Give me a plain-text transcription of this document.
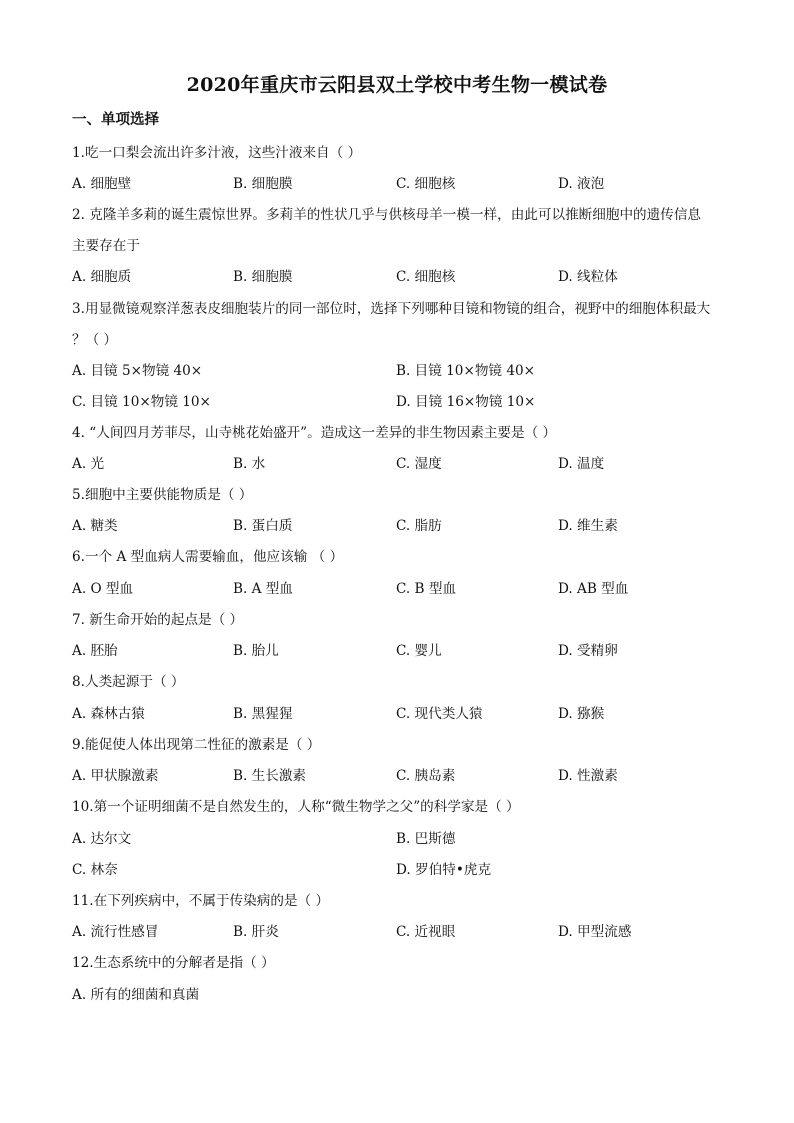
2020年重庆市云阳县双土学校中考生物一模试卷
一、单项选择
1.吃一口梨会流出许多汁液，这些汁液来自（ ）
A. 细胞壁	B. 细胞膜	C. 细胞核	D. 液泡
2. 克隆羊多莉的诞生震惊世界。多莉羊的性状几乎与供核母羊一模一样，由此可以推断细胞中的遗传信息
主要存在于
A. 细胞质	B. 细胞膜	C. 细胞核	D. 线粒体
3.用显微镜观察洋葱表皮细胞装片的同一部位时，选择下列哪种目镜和物镜的组合，视野中的细胞体积最大
？（ ）
A. 目镜 5×物镜 40×	B. 目镜 10×物镜 40×
C. 目镜 10×物镜 10×	D. 目镜 16×物镜 10×
4. “人间四月芳菲尽，山寺桃花始盛开”。造成这一差异的非生物因素主要是（ ）
A. 光	B. 水	C. 湿度	D. 温度
5.细胞中主要供能物质是（ ）
A. 糖类	B. 蛋白质	C. 脂肪	D. 维生素
6.一个 A 型血病人需要输血，他应该输 （ ）
A. O 型血	B. A 型血	C. B 型血	D. AB 型血
7. 新生命开始的起点是（ ）
A. 胚胎	B. 胎儿	C. 婴儿	D. 受精卵
8.人类起源于（ ）
A. 森林古猿	B. 黑猩猩	C. 现代类人猿	D. 猕猴
9.能促使人体出现第二性征的激素是（ ）
A. 甲状腺激素	B. 生长激素	C. 胰岛素	D. 性激素
10.第一个证明细菌不是自然发生的，人称“微生物学之父”的科学家是（ ）
A. 达尔文	B. 巴斯德
C. 林奈	D. 罗伯特•虎克
11.在下列疾病中，不属于传染病的是（ ）
A. 流行性感冒	B. 肝炎	C. 近视眼	D. 甲型流感
12.生态系统中的分解者是指（ ）
A. 所有的细菌和真菌
